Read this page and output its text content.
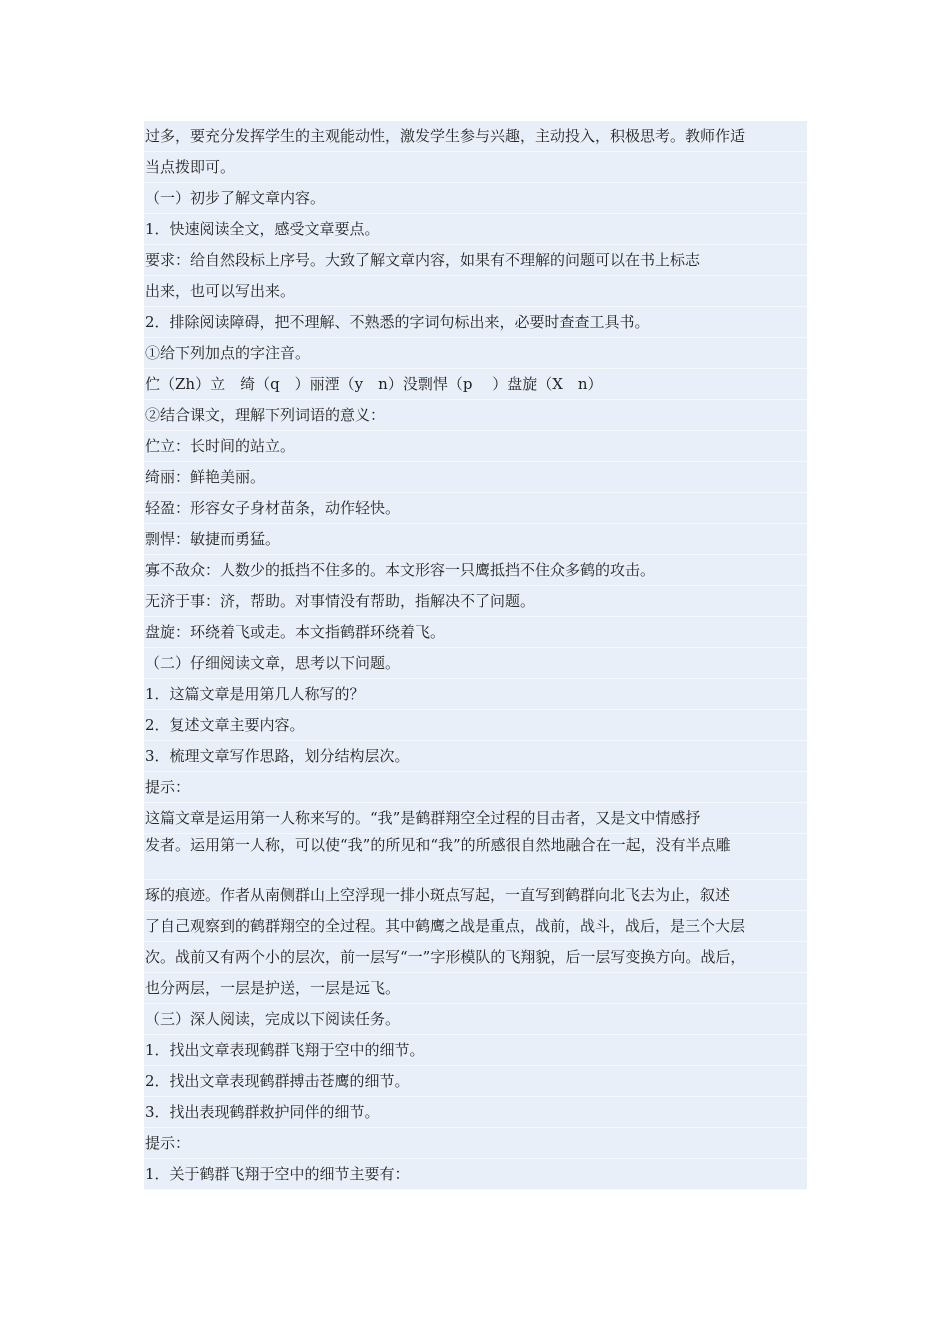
过多，要充分发挥学生的主观能动性，激发学生参与兴趣，主动投入，积极思考。教师作适
当点拨即可。
（一）初步了解文章内容。
1．快速阅读全文，感受文章要点。
要求：给自然段标上序号。大致了解文章内容，如果有不理解的问题可以在书上标志
出来，也可以写出来。
2．排除阅读障碍，把不理解、不熟悉的字词句标出来，必要时查查工具书。
①给下列加点的字注音。
伫（Zh）立　绮（q　）丽湮（y　n）没剽悍（p　 ）盘旋（X　n）
②结合课文，理解下列词语的意义：
伫立：长时间的站立。
绮丽：鲜艳美丽。
轻盈：形容女子身材苗条，动作轻快。
剽悍：敏捷而勇猛。
寡不敌众：人数少的抵挡不住多的。本文形容一只鹰抵挡不住众多鹤的攻击。
无济于事：济，帮助。对事情没有帮助，指解决不了问题。
盘旋：环绕着飞或走。本文指鹤群环绕着飞。
（二）仔细阅读文章，思考以下问题。
1．这篇文章是用第几人称写的？
2．复述文章主要内容。
3．梳理文章写作思路，划分结构层次。
提示：
这篇文章是运用第一人称来写的。“我”是鹤群翔空全过程的目击者，又是文中情感抒
发者。运用第一人称，可以使“我”的所见和“我”的所感很自然地融合在一起，没有半点雕
琢的痕迹。作者从南侧群山上空浮现一排小斑点写起，一直写到鹤群向北飞去为止，叙述
了自己观察到的鹤群翔空的全过程。其中鹤鹰之战是重点，战前，战斗，战后，是三个大层
次。战前又有两个小的层次，前一层写“一”字形模队的飞翔貌，后一层写变换方向。战后，
也分两层，一层是护送，一层是远飞。
（三）深人阅读，完成以下阅读任务。
1．找出文章表现鹤群飞翔于空中的细节。
2．找出文章表现鹤群搏击苍鹰的细节。
3．找出表现鹤群救护同伴的细节。
提示：
1．关于鹤群飞翔于空中的细节主要有：
